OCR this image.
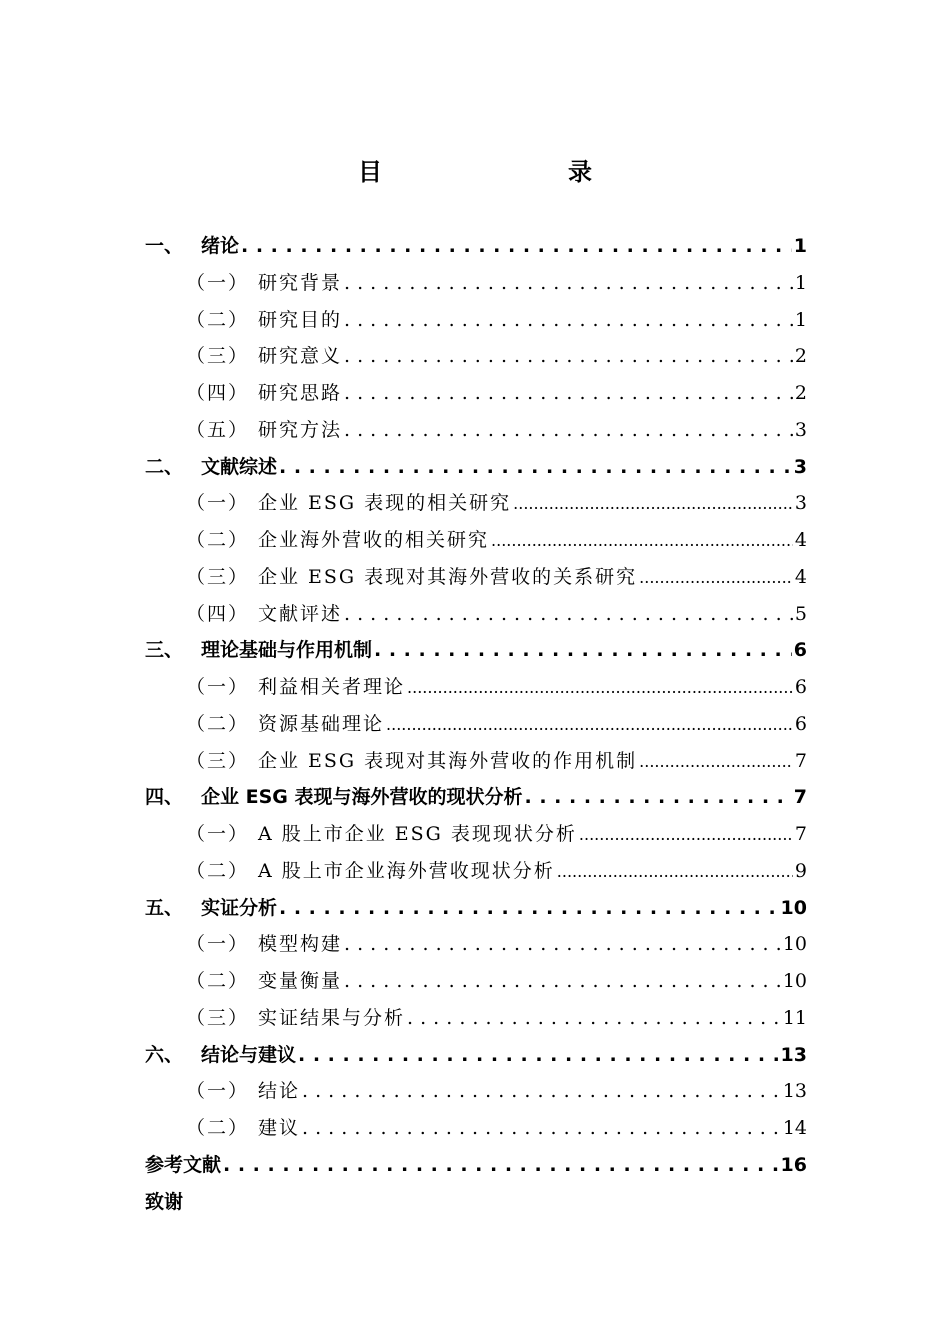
目　　录
一、 绪论 . . .	1
（一） 研究背景 . . .	1
（二） 研究目的 . . .	1
（三） 研究意义 . . .	2
（四） 研究思路 . . .	2
（五） 研究方法 . . .	3
二、 文献综述 . . .	3
（一） 企业 ESG 表现的相关研究 .....	3
（二） 企业海外营收的相关研究 .....	4
（三） 企业 ESG 表现对其海外营收的关系研究 .....	4
（四） 文献评述 . . .	5
三、 理论基础与作用机制 . . .	6
（一） 利益相关者理论 .....	6
（二） 资源基础理论 .....	6
（三） 企业 ESG 表现对其海外营收的作用机制 .....	7
四、 企业 ESG 表现与海外营收的现状分析 . . .	7
（一） A 股上市企业 ESG 表现现状分析 .....	7
（二） A 股上市企业海外营收现状分析 .....	9
五、 实证分析 . . .	10
（一） 模型构建 . . .	10
（二） 变量衡量 . . .	10
（三） 实证结果与分析 . . .	11
六、 结论与建议 . . .	13
（一） 结论 . . .	13
（二） 建议 . . .	14
参考文献 . . .	16
致谢
